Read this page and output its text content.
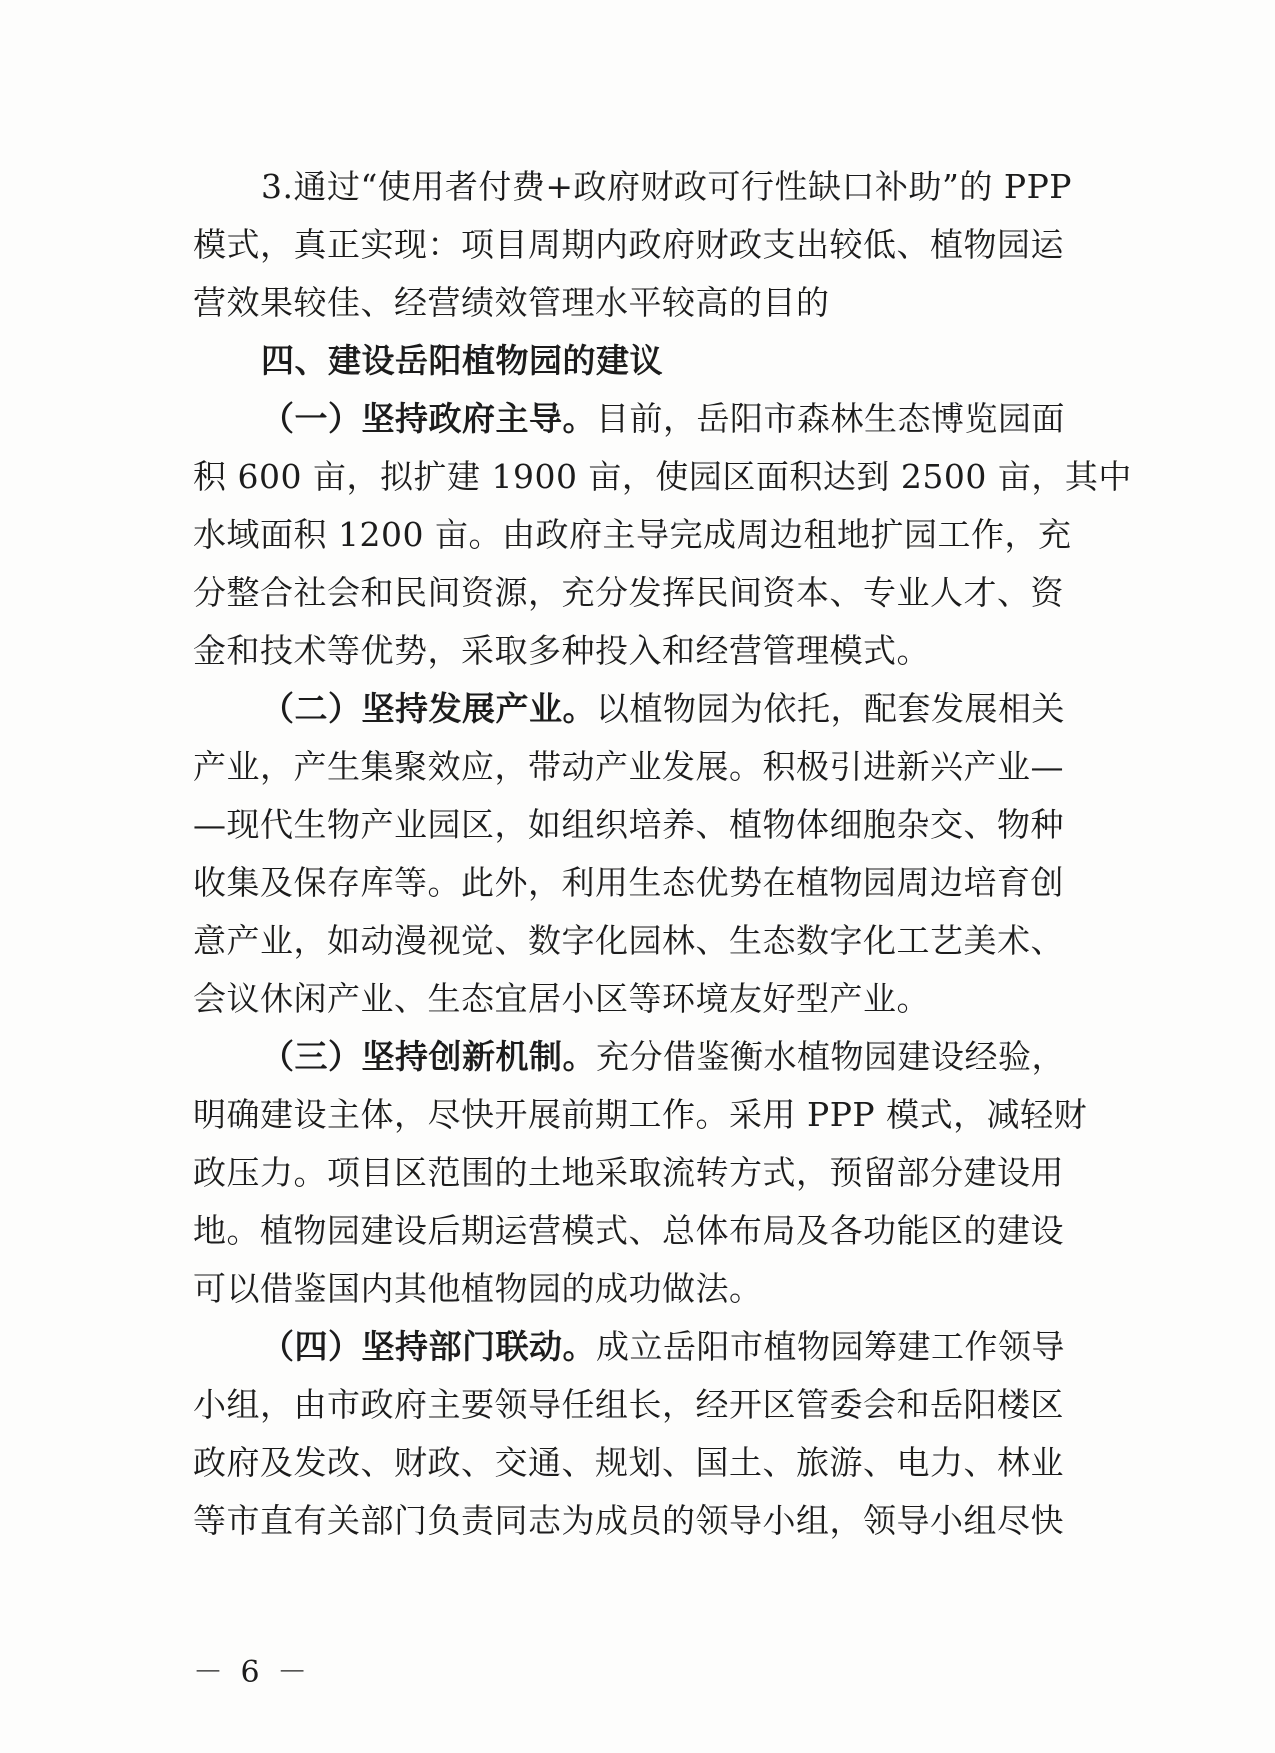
3.通过“使用者付费+政府财政可行性缺口补助”的 PPP
模式，真正实现：项目周期内政府财政支出较低、植物园运
营效果较佳、经营绩效管理水平较高的目的
四、建设岳阳植物园的建议
（一）坚持政府主导。目前，岳阳市森林生态博览园面
积 600 亩，拟扩建 1900 亩，使园区面积达到 2500 亩，其中
水域面积 1200 亩。由政府主导完成周边租地扩园工作，充
分整合社会和民间资源，充分发挥民间资本、专业人才、资
金和技术等优势，采取多种投入和经营管理模式。
（二）坚持发展产业。以植物园为依托，配套发展相关
产业，产生集聚效应，带动产业发展。积极引进新兴产业—
—现代生物产业园区，如组织培养、植物体细胞杂交、物种
收集及保存库等。此外，利用生态优势在植物园周边培育创
意产业，如动漫视觉、数字化园林、生态数字化工艺美术、
会议休闲产业、生态宜居小区等环境友好型产业。
（三）坚持创新机制。充分借鉴衡水植物园建设经验，
明确建设主体，尽快开展前期工作。采用 PPP 模式，减轻财
政压力。项目区范围的土地采取流转方式，预留部分建设用
地。植物园建设后期运营模式、总体布局及各功能区的建设
可以借鉴国内其他植物园的成功做法。
（四）坚持部门联动。成立岳阳市植物园筹建工作领导
小组，由市政府主要领导任组长，经开区管委会和岳阳楼区
政府及发改、财政、交通、规划、国土、旅游、电力、林业
等市直有关部门负责同志为成员的领导小组，领导小组尽快
－ 6 －
